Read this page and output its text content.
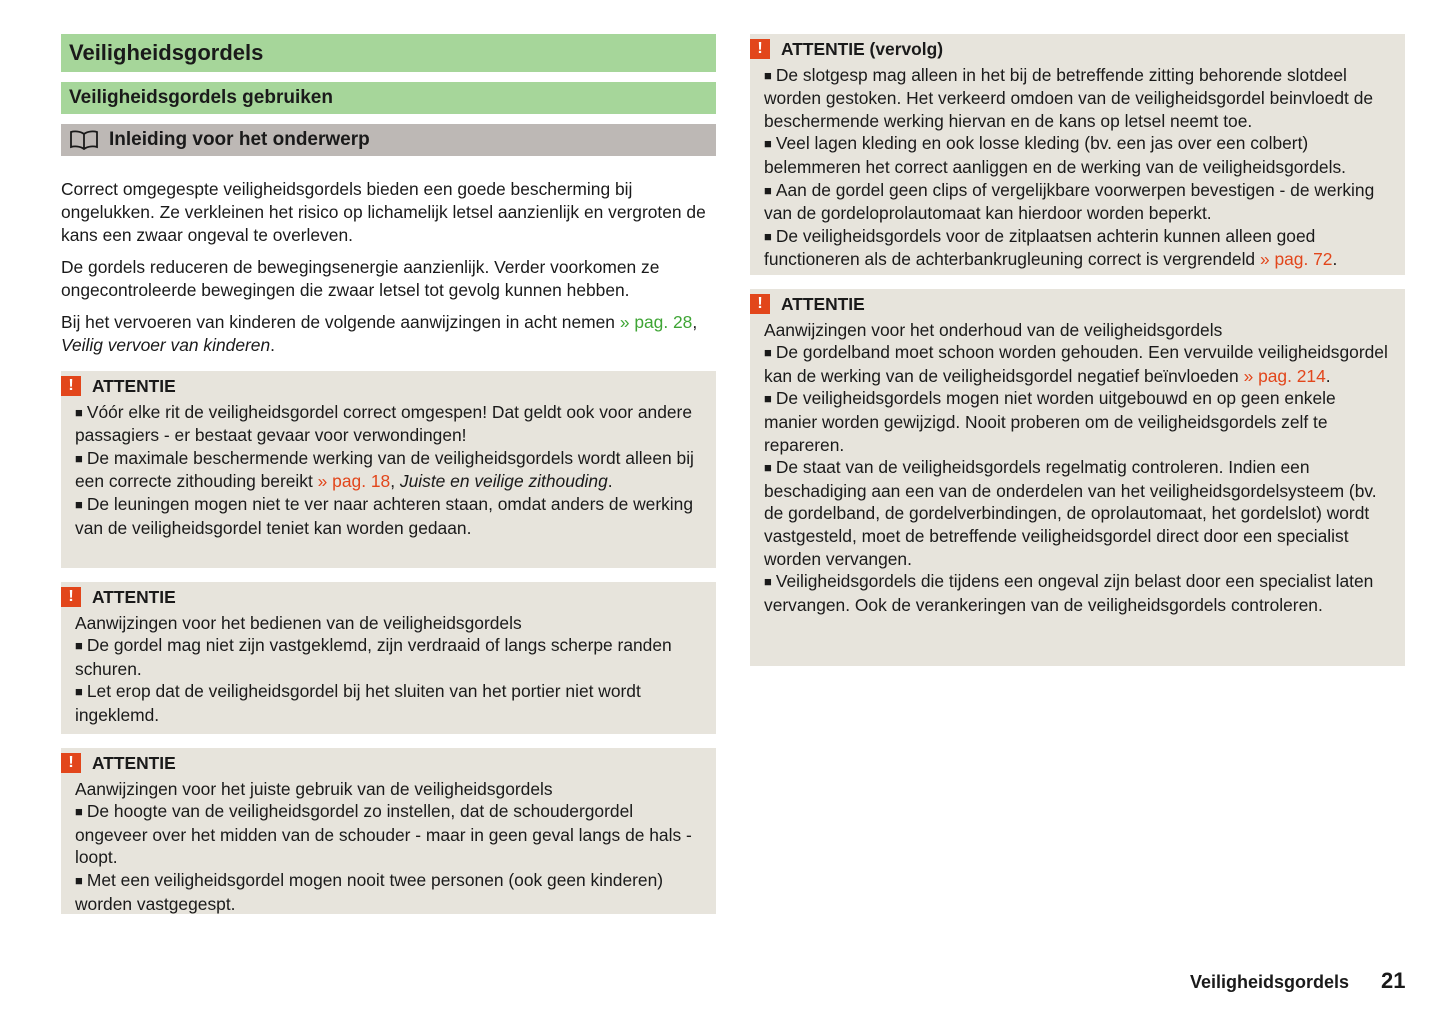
Veiligheidsgordels
Veiligheidsgordels gebruiken
Inleiding voor het onderwerp

Correct omgegespte veiligheidsgordels bieden een goede bescherming bij ongelukken. Ze verkleinen het risico op lichamelijk letsel aanzienlijk en vergroten de kans een zwaar ongeval te overleven.

De gordels reduceren de bewegingsenergie aanzienlijk. Verder voorkomen ze ongecontroleerde bewegingen die zwaar letsel tot gevolg kunnen hebben.

Bij het vervoeren van kinderen de volgende aanwijzingen in acht nemen » pag. 28, Veilig vervoer van kinderen.

!	ATTENTIE

■ Vóór elke rit de veiligheidsgordel correct omgespen! Dat geldt ook voor andere passagiers - er bestaat gevaar voor verwondingen!

■ De maximale beschermende werking van de veiligheidsgordels wordt alleen bij een correcte zithouding bereikt » pag. 18, Juiste en veilige zithouding.

■ De leuningen mogen niet te ver naar achteren staan, omdat anders de werking van de veiligheidsgordel teniet kan worden gedaan.

!	ATTENTIE

Aanwijzingen voor het bedienen van de veiligheidsgordels

■ De gordel mag niet zijn vastgeklemd, zijn verdraaid of langs scherpe randen schuren.

■ Let erop dat de veiligheidsgordel bij het sluiten van het portier niet wordt ingeklemd.

!	ATTENTIE

Aanwijzingen voor het juiste gebruik van de veiligheidsgordels

■ De hoogte van de veiligheidsgordel zo instellen, dat de schoudergordel ongeveer over het midden van de schouder - maar in geen geval langs de hals - loopt.

■ Met een veiligheidsgordel mogen nooit twee personen (ook geen kinderen) worden vastgegespt.

!	ATTENTIE (vervolg)

■ De slotgesp mag alleen in het bij de betreffende zitting behorende slotdeel worden gestoken. Het verkeerd omdoen van de veiligheidsgordel beinvloedt de beschermende werking hiervan en de kans op letsel neemt toe.

■ Veel lagen kleding en ook losse kleding (bv. een jas over een colbert) belemmeren het correct aanliggen en de werking van de veiligheidsgordels.

■ Aan de gordel geen clips of vergelijkbare voorwerpen bevestigen - de werking van de gordeloprolautomaat kan hierdoor worden beperkt.

■ De veiligheidsgordels voor de zitplaatsen achterin kunnen alleen goed functioneren als de achterbankrugleuning correct is vergrendeld » pag. 72.

!	ATTENTIE

Aanwijzingen voor het onderhoud van de veiligheidsgordels

■ De gordelband moet schoon worden gehouden. Een vervuilde veiligheidsgordel kan de werking van de veiligheidsgordel negatief beïnvloeden » pag. 214.

■ De veiligheidsgordels mogen niet worden uitgebouwd en op geen enkele manier worden gewijzigd. Nooit proberen om de veiligheidsgordels zelf te repareren.

■ De staat van de veiligheidsgordels regelmatig controleren. Indien een beschadiging aan een van de onderdelen van het veiligheidsgordelsysteem (bv. de gordelband, de gordelverbindingen, de oprolautomaat, het gordelslot) wordt vastgesteld, moet de betreffende veiligheidsgordel direct door een specialist worden vervangen.

■ Veiligheidsgordels die tijdens een ongeval zijn belast door een specialist laten vervangen. Ook de verankeringen van de veiligheidsgordels controleren.

Veiligheidsgordels 21
